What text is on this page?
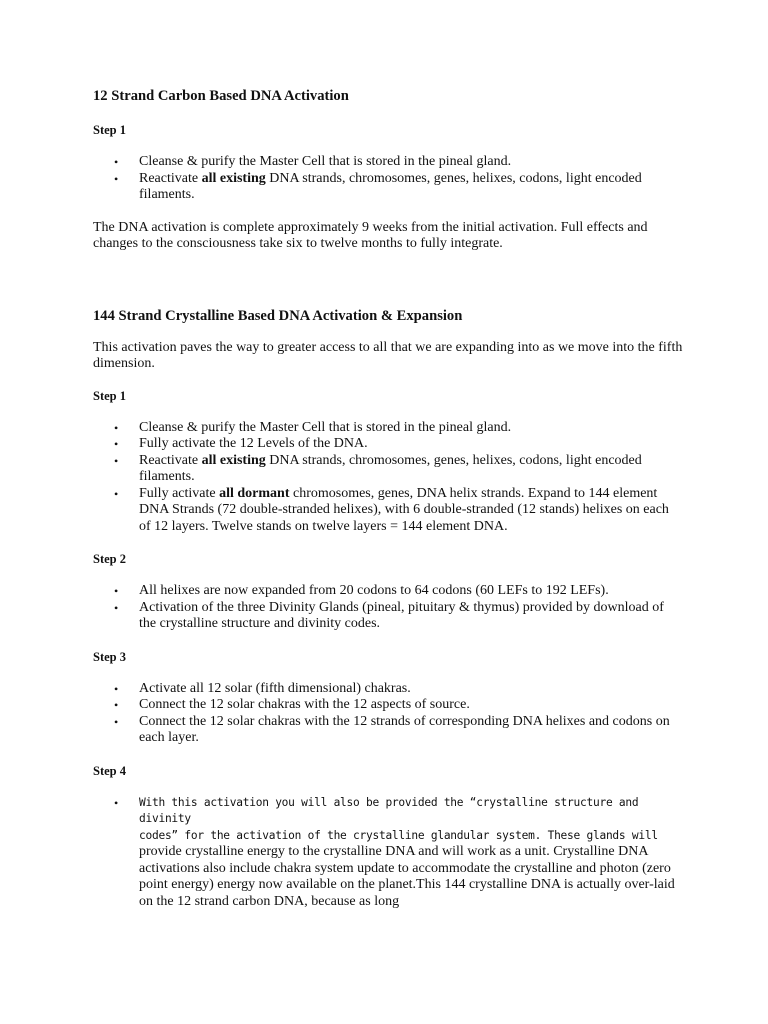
12 Strand Carbon Based DNA Activation
Step 1
• Cleanse & purify the Master Cell that is stored in the pineal gland.
• Reactivate all existing DNA strands, chromosomes, genes, helixes, codons, light encoded filaments.

The DNA activation is complete approximately 9 weeks from the initial activation. Full effects and changes to the consciousness take six to twelve months to fully integrate.

144 Strand Crystalline Based DNA Activation & Expansion

This activation paves the way to greater access to all that we are expanding into as we move into the fifth dimension.

Step 1
• Cleanse & purify the Master Cell that is stored in the pineal gland.
• Fully activate the 12 Levels of the DNA.
• Reactivate all existing DNA strands, chromosomes, genes, helixes, codons, light encoded filaments.
• Fully activate all dormant chromosomes, genes, DNA helix strands. Expand to 144 element DNA Strands (72 double-stranded helixes), with 6 double-stranded (12 stands) helixes on each of 12 layers. Twelve stands on twelve layers = 144 element DNA.
Step 2
• All helixes are now expanded from 20 codons to 64 codons (60 LEFs to 192 LEFs).
• Activation of the three Divinity Glands (pineal, pituitary & thymus) provided by download of the crystalline structure and divinity codes.
Step 3
• Activate all 12 solar (fifth dimensional) chakras.
• Connect the 12 solar chakras with the 12 aspects of source.
• Connect the 12 solar chakras with the 12 strands of corresponding DNA helixes and codons on each layer.
Step 4
• With this activation you will also be provided the “crystalline structure and divinity
codes” for the activation of the crystalline glandular system. These glands will
provide crystalline energy to the crystalline DNA and will work as a unit. Crystalline DNA activations also include chakra system update to accommodate the crystalline and photon (zero point energy) energy now available on the planet.This 144 crystalline DNA is actually over-laid on the 12 strand carbon DNA, because as long
